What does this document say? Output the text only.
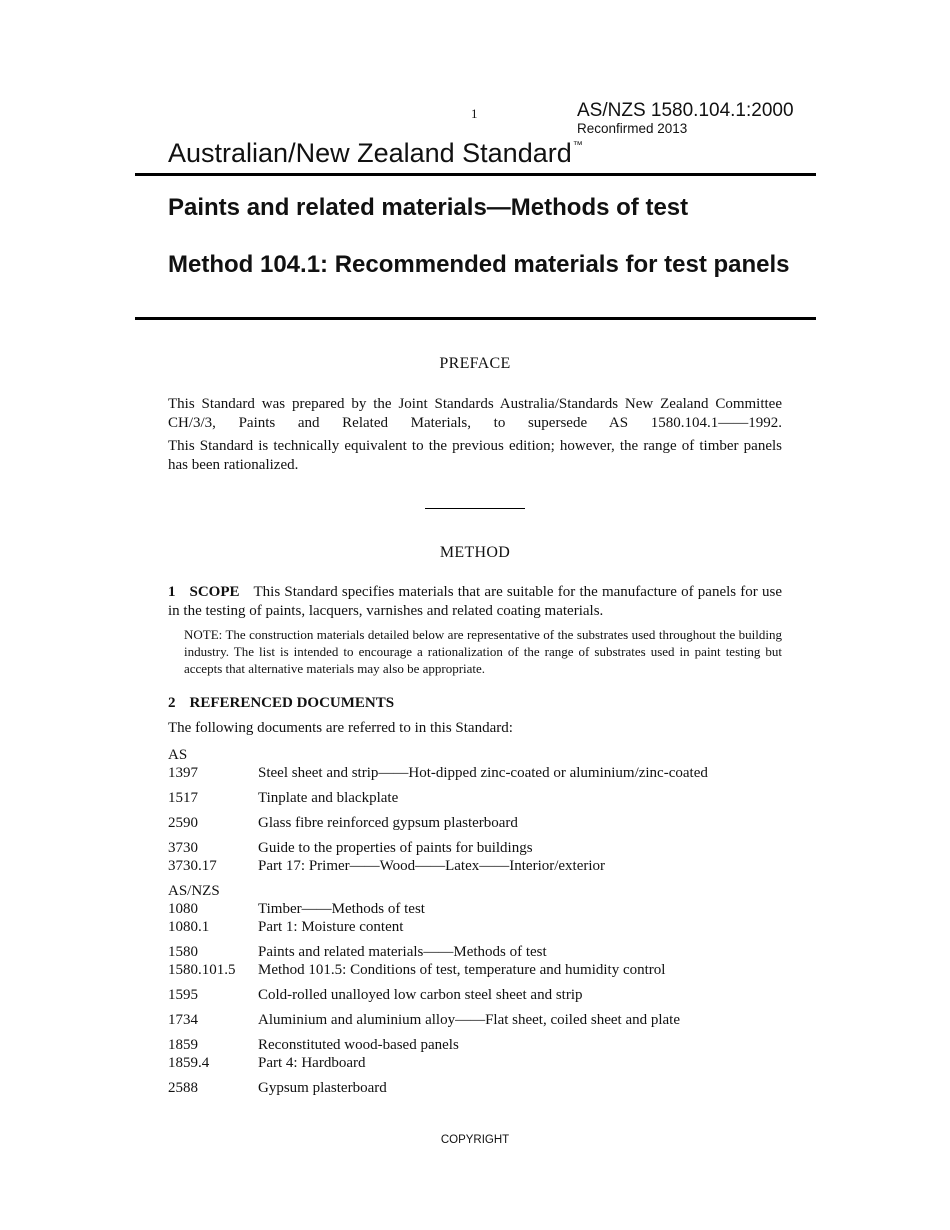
1	AS/NZS 1580.104.1:2000
Reconfirmed 2013
Australian/New Zealand Standard™
Paints and related materials—Methods of test
Method 104.1: Recommended materials for test panels
PREFACE
This Standard was prepared by the Joint Standards Australia/Standards New Zealand Committee CH/3/3, Paints and Related Materials, to supersede AS 1580.104.1——1992.
This Standard is technically equivalent to the previous edition; however, the range of timber panels has been rationalized.
METHOD
1 SCOPE This Standard specifies materials that are suitable for the manufacture of panels for use in the testing of paints, lacquers, varnishes and related coating materials.
NOTE: The construction materials detailed below are representative of the substrates used throughout the building industry. The list is intended to encourage a rationalization of the range of substrates used in paint testing but accepts that alternative materials may also be appropriate.
2 REFERENCED DOCUMENTS
The following documents are referred to in this Standard:
AS
1397	Steel sheet and strip——Hot-dipped zinc-coated or aluminium/zinc-coated
1517	Tinplate and blackplate
2590	Glass fibre reinforced gypsum plasterboard
3730	Guide to the properties of paints for buildings
3730.17	Part 17: Primer——Wood——Latex——Interior/exterior
AS/NZS
1080	Timber——Methods of test
1080.1	Part 1: Moisture content
1580	Paints and related materials——Methods of test
1580.101.5	Method 101.5: Conditions of test, temperature and humidity control
1595	Cold-rolled unalloyed low carbon steel sheet and strip
1734	Aluminium and aluminium alloy——Flat sheet, coiled sheet and plate
1859	Reconstituted wood-based panels
1859.4	Part 4: Hardboard
2588	Gypsum plasterboard
COPYRIGHT
